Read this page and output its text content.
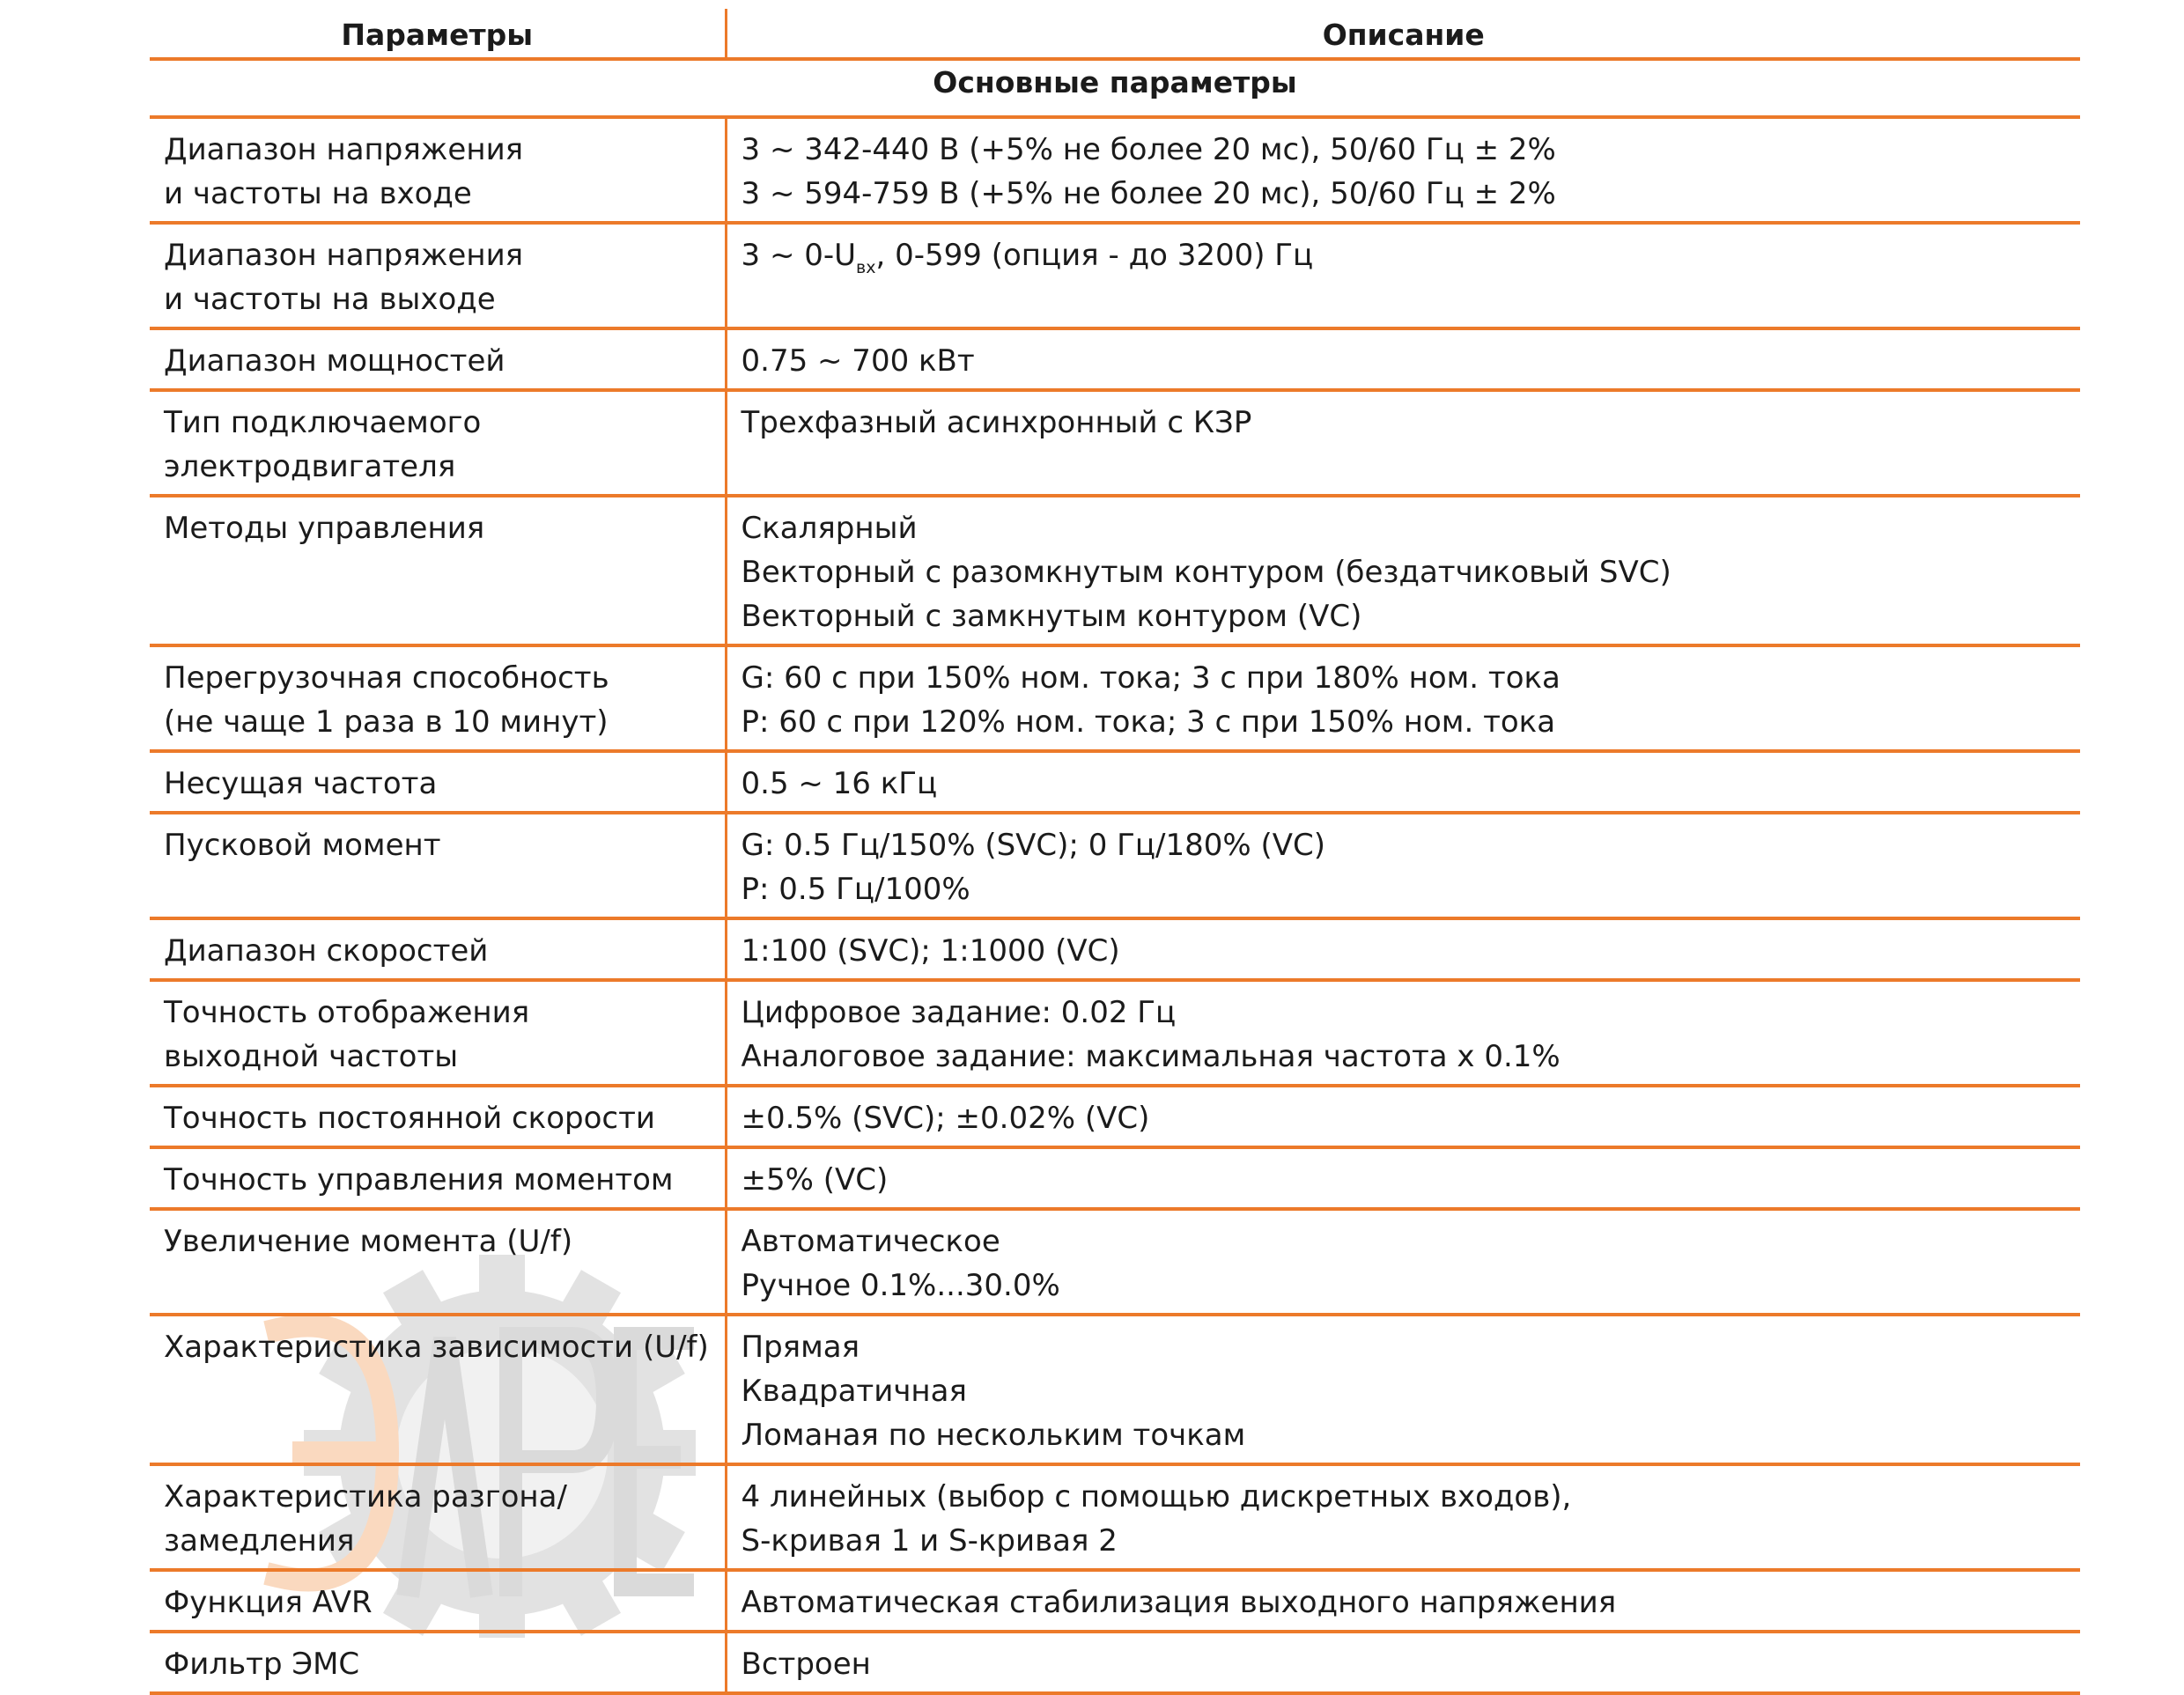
Параметры	Описание
Основные параметры	

Диапазон напряжения
и частоты на входе	3 ~ 342-440 В (+5% не более 20 мс), 50/60 Гц ± 2%
3 ~ 594-759 В (+5% не более 20 мс), 50/60 Гц ± 2%

Диапазон напряжения
и частоты на выходе	3 ~ $0-U_{вх}$, 0-599 (опция - до 3200) Гц

Диапазон мощностей	0.75 ~ 700 кВт

Тип подключаемого
электродвигателя	Трехфазный асинхронный с КЗР

Методы управления	Скалярный
Векторный с разомкнутым контуром (бездатчиковый SVC)
Векторный с замкнутым контуром (VC)

Перегрузочная способность
(не чаще 1 раза в 10 минут)	G: 60 с при 150% ном. тока; 3 с при 180% ном. тока
P: 60 с при 120% ном. тока; 3 с при 150% ном. тока

Несущая частота	0.5 ~ 16 кГц

Пусковой момент	G: 0.5 Гц/150% (SVC); 0 Гц/180% (VC)
P: 0.5 Гц/100%

Диапазон скоростей	1:100 (SVC); 1:1000 (VC)

Точность отображения
выходной частоты	Цифровое задание: 0.02 Гц
Аналоговое задание: максимальная частота х 0.1%

Точность постоянной скорости	±0.5% (SVC); ±0.02% (VC)

Точность управления моментом	±5% (VC)

Увеличение момента (U/f)	Автоматическое
Ручное 0.1%...30.0%

Характеристика зависимости (U/f)	Прямая
Квадратичная
Ломаная по нескольким точкам

Характеристика разгона/
замедления	4 линейных (выбор с помощью дискретных входов),
S-кривая 1 и S-кривая 2

Функция AVR	Автоматическая стабилизация выходного напряжения

Фильтр ЭМС	Встроен
